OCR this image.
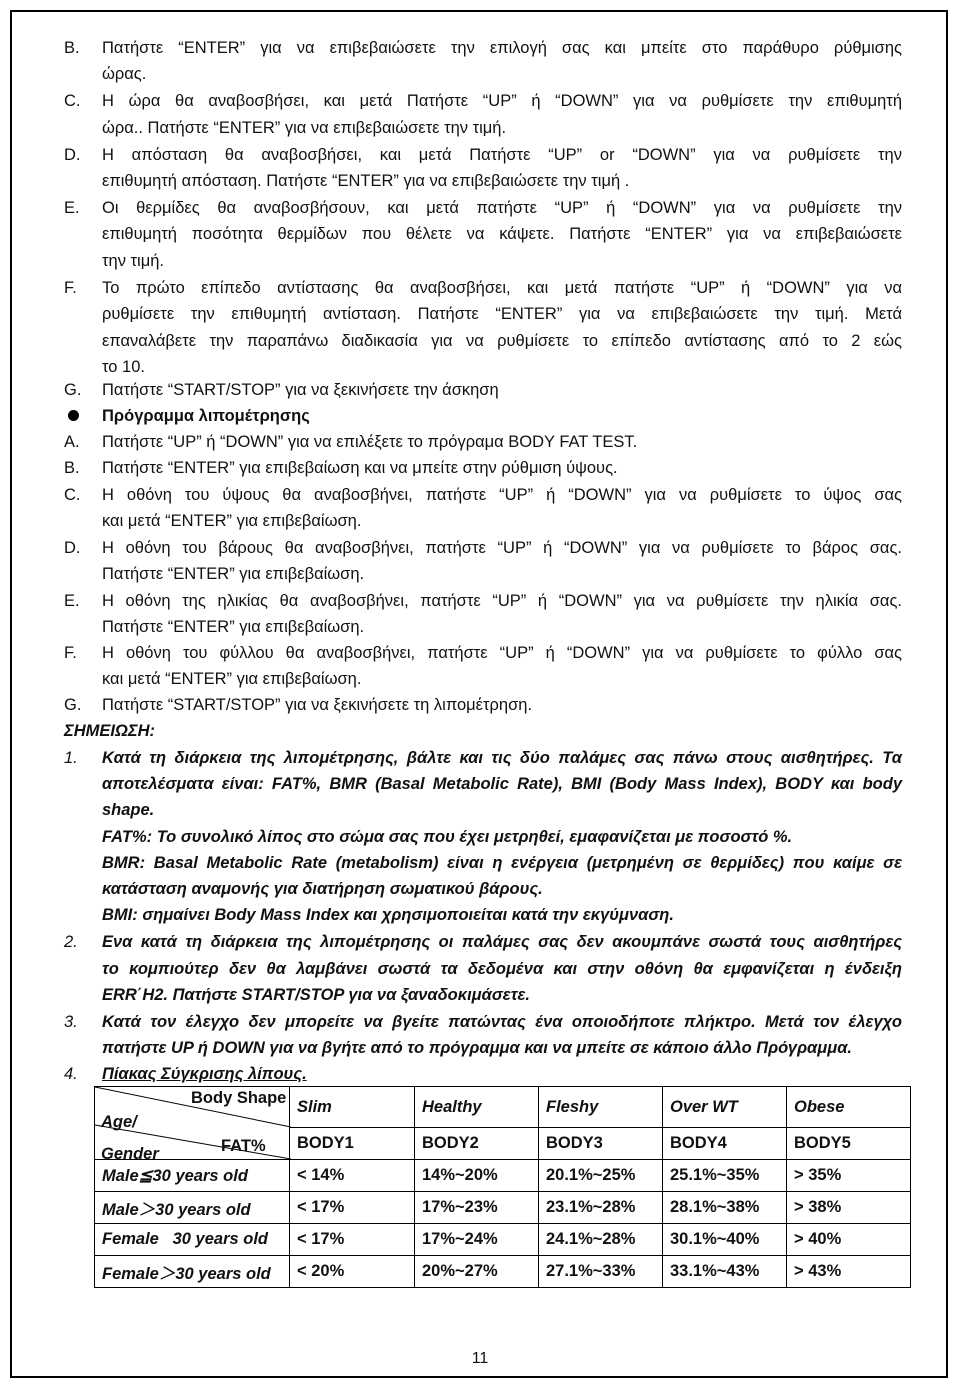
B. Πατήστε “ENTER” για να επιβεβαιώσετε την επιλογή σας και μπείτε στο παράθυρο ρύθμισης
ώρας.
C. Η ώρα θα αναβοσβήσει, και μετά Πατήστε “UP” ή “DOWN” για να ρυθμίσετε την επιθυμητή
ώρα.. Πατήστε “ENTER” για να επιβεβαιώσετε την τιμή.
D. Η απόσταση θα αναβοσβήσει, και μετά Πατήστε “UP” or “DOWN” για να ρυθμίσετε την
επιθυμητή απόσταση. Πατήστε “ENTER” για να επιβεβαιώσετε την τιμή .
E. Οι θερμίδες θα αναβοσβήσουν, και μετά πατήστε “UP” ή “DOWN” για να ρυθμίσετε την
επιθυμητή ποσότητα θερμίδων που θέλετε να κάψετε. Πατήστε “ENTER” για να επιβεβαιώσετε
την τιμή.
F. Το πρώτο επίπεδο αντίστασης θα αναβοσβήσει, και μετά πατήστε “UP” ή “DOWN” για να
ρυθμίσετε την επιθυμητή αντίσταση. Πατήστε “ENTER” για να επιβεβαιώσετε την τιμή. Μετά
επαναλάβετε την παραπάνω διαδικασία για να ρυθμίσετε το επίπεδο αντίστασης από το 2 εώς
το 10.
G. Πατήστε “START/STOP” για να ξεκινήσετε την άσκηση
Πρόγραμμα λιπομέτρησης
A. Πατήστε “UP” ή “DOWN” για να επιλέξετε το πρόγραμα BODY FAT TEST.
B. Πατήστε “ENTER” για επιβεβαίωση και να μπείτε στην ρύθμιση ύψους.
C. Η οθόνη του ύψους θα αναβοσβήνει, πατήστε “UP” ή “DOWN” για να ρυθμίσετε το ύψος σας
και μετά “ENTER” για επιβεβαίωση.
D. Η οθόνη του βάρους θα αναβοσβήνει, πατήστε “UP” ή “DOWN” για να ρυθμίσετε το βάρος σας.
Πατήστε “ENTER” για επιβεβαίωση.
E. Η οθόνη της ηλικίας θα αναβοσβήνει, πατήστε “UP” ή “DOWN” για να ρυθμίσετε την ηλικία σας.
Πατήστε “ENTER” για επιβεβαίωση.
F. Η οθόνη του φύλλου θα αναβοσβήνει, πατήστε “UP” ή “DOWN” για να ρυθμίσετε το φύλλο σας
και μετά “ENTER” για επιβεβαίωση.
G. Πατήστε “START/STOP” για να ξεκινήσετε τη λιπομέτρηση.
ΣΗΜΕΙΩΣΗ:
1. Κατά τη διάρκεια της λιπομέτρησης, βάλτε και τις δύο παλάμες σας πάνω στους αισθητήρες. Τα
αποτελέσματα είναι: FAT%, BMR (Basal Metabolic Rate), BMI (Body Mass Index), BODY και body
shape.
FAT%: Το συνολικό λίπος στο σώμα σας που έχει μετρηθεί, εμαφανίζεται με ποσοστό %.
BMR: Basal Metabolic Rate (metabolism) είναι η ενέργεια (μετρημένη σε θερμίδες) που καίμε σε
κατάσταση αναμονής για διατήρηση σωματικού βάρους.
BMI: σημαίνει Body Mass Index και χρησιμοποιείται κατά την εκγύμναση.
2. Ενα κατά τη διάρκεια της λιπομέτρησης οι παλάμες σας δεν ακουμπάνε σωστά τους αισθητήρες
το κομπιούτερ δεν θα λαμβάνει σωστά τα δεδομένα και στην οθόνη θα εμφανίζεται η ένδειξη
ERR΄H2. Πατήστε START/STOP για να ξαναδοκιμάσετε.
3. Κατά τον έλεγχο δεν μπορείτε να βγείτε πατώντας ένα οποιοδήποτε πλήκτρο. Μετά τον έλεγχο
πατήστε UP ή DOWN για να βγήτε από το πρόγραμμα και να μπείτε σε κάποιο άλλο Πρόγραμμα.
4. Πίακας Σύγκρισης λίπους.
Body Shape
Age/
FAT%
Gender	Slim	Healthy	Fleshy	Over WT	Obese
	BODY1	BODY2	BODY3	BODY4	BODY5
Male≦30 years old	< 14%	14%~20%	20.1%~25%	25.1%~35%	> 35%
Male＞30 years old	< 17%	17%~23%	23.1%~28%	28.1%~38%	> 38%
Female   30 years old	< 17%	17%~24%	24.1%~28%	30.1%~40%	> 40%
Female＞30 years old	< 20%	20%~27%	27.1%~33%	33.1%~43%	> 43%
11
